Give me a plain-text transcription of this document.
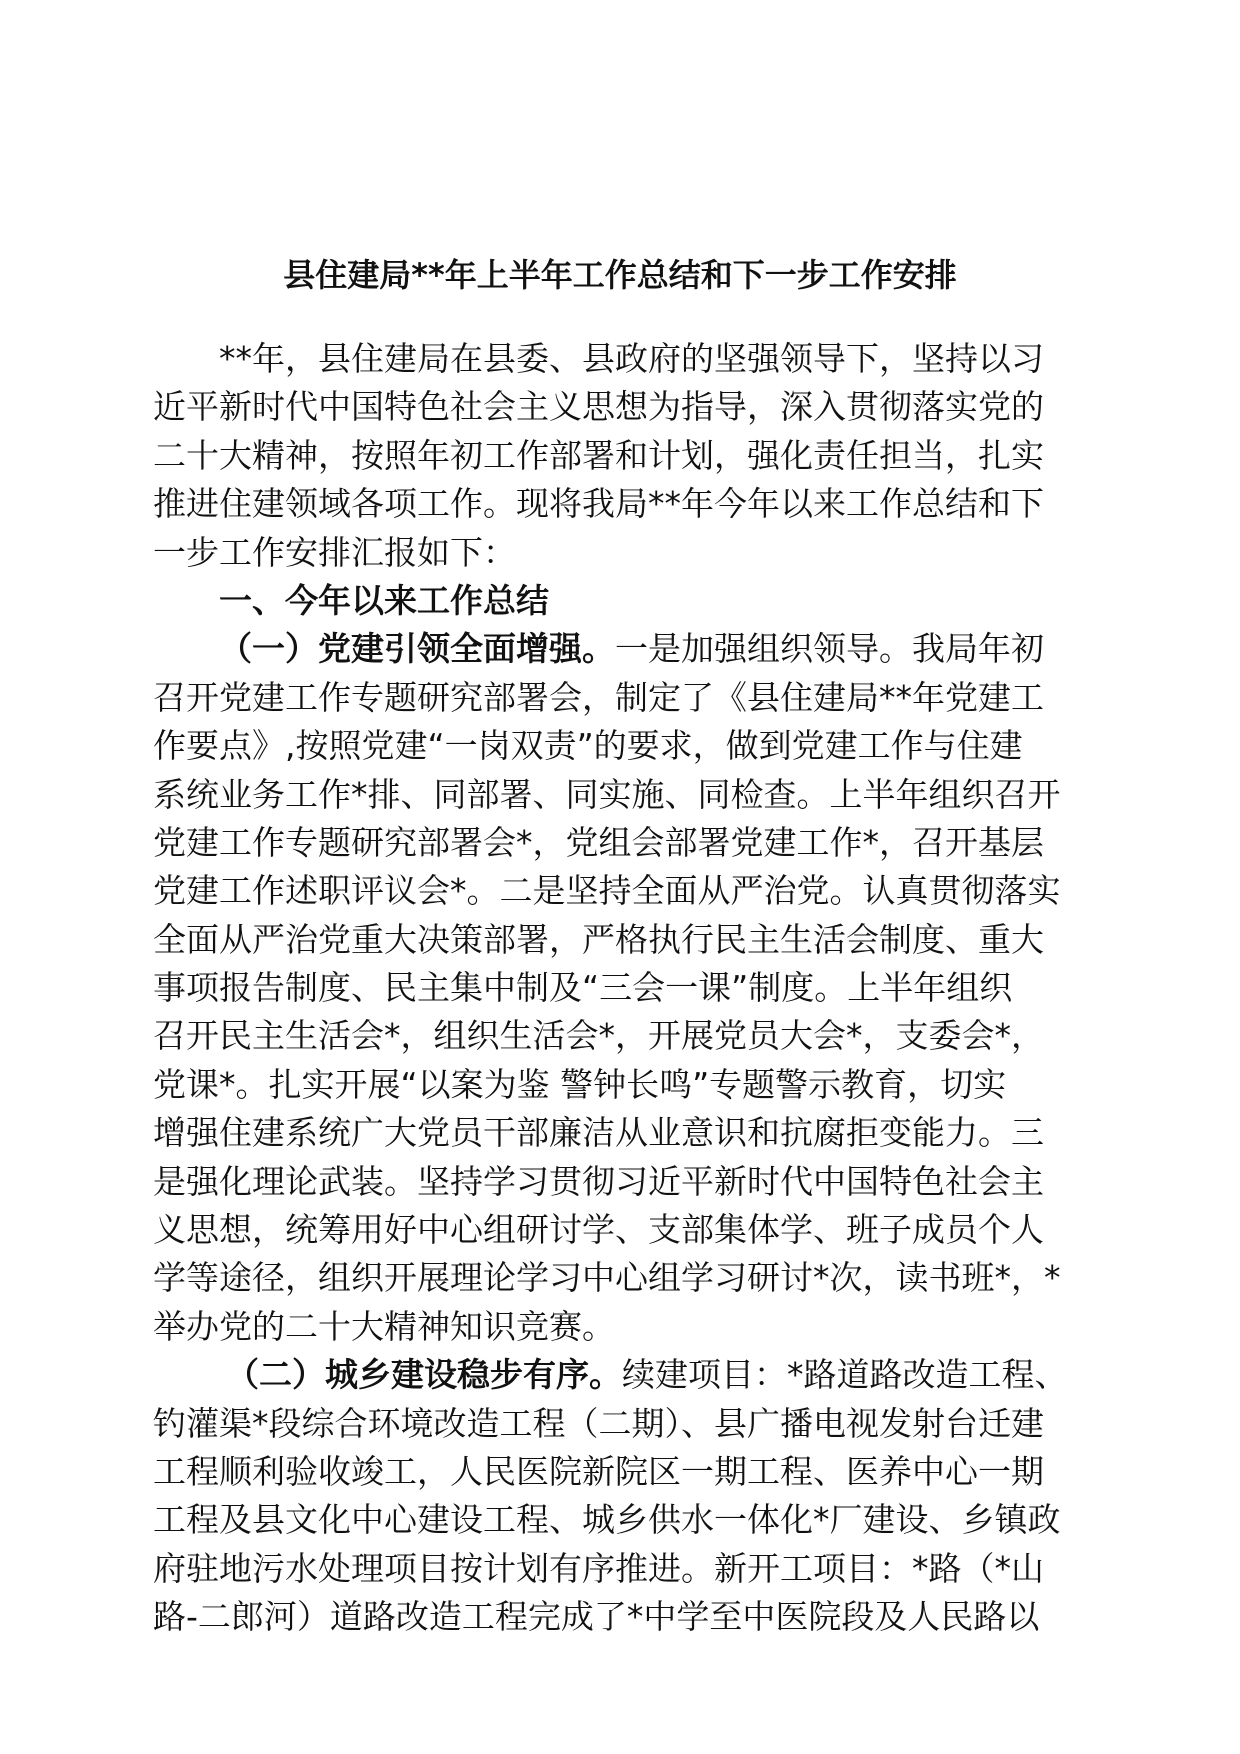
县住建局**年上半年工作总结和下一步工作安排
**年，县住建局在县委、县政府的坚强领导下，坚持以习
近平新时代中国特色社会主义思想为指导，深入贯彻落实党的
二十大精神，按照年初工作部署和计划，强化责任担当，扎实
推进住建领域各项工作。现将我局**年今年以来工作总结和下
一步工作安排汇报如下：
一、今年以来工作总结
（一）党建引领全面增强。一是加强组织领导。我局年初
召开党建工作专题研究部署会，制定了《县住建局**年党建工
作要点》,按照党建“一岗双责”的要求，做到党建工作与住建
系统业务工作*排、同部署、同实施、同检查。上半年组织召开
党建工作专题研究部署会*，党组会部署党建工作*，召开基层
党建工作述职评议会*。二是坚持全面从严治党。认真贯彻落实
全面从严治党重大决策部署，严格执行民主生活会制度、重大
事项报告制度、民主集中制及“三会一课”制度。上半年组织
召开民主生活会*，组织生活会*，开展党员大会*，支委会*，
党课*。扎实开展“以案为鉴 警钟长鸣”专题警示教育，切实
增强住建系统广大党员干部廉洁从业意识和抗腐拒变能力。三
是强化理论武装。坚持学习贯彻习近平新时代中国特色社会主
义思想，统筹用好中心组研讨学、支部集体学、班子成员个人
学等途径，组织开展理论学习中心组学习研讨*次，读书班*，*
举办党的二十大精神知识竞赛。
（二）城乡建设稳步有序。续建项目：*路道路改造工程、
钓灌渠*段综合环境改造工程（二期）、县广播电视发射台迁建
工程顺利验收竣工，人民医院新院区一期工程、医养中心一期
工程及县文化中心建设工程、城乡供水一体化*厂建设、乡镇政
府驻地污水处理项目按计划有序推进。新开工项目：*路（*山
路-二郎河）道路改造工程完成了*中学至中医院段及人民路以
